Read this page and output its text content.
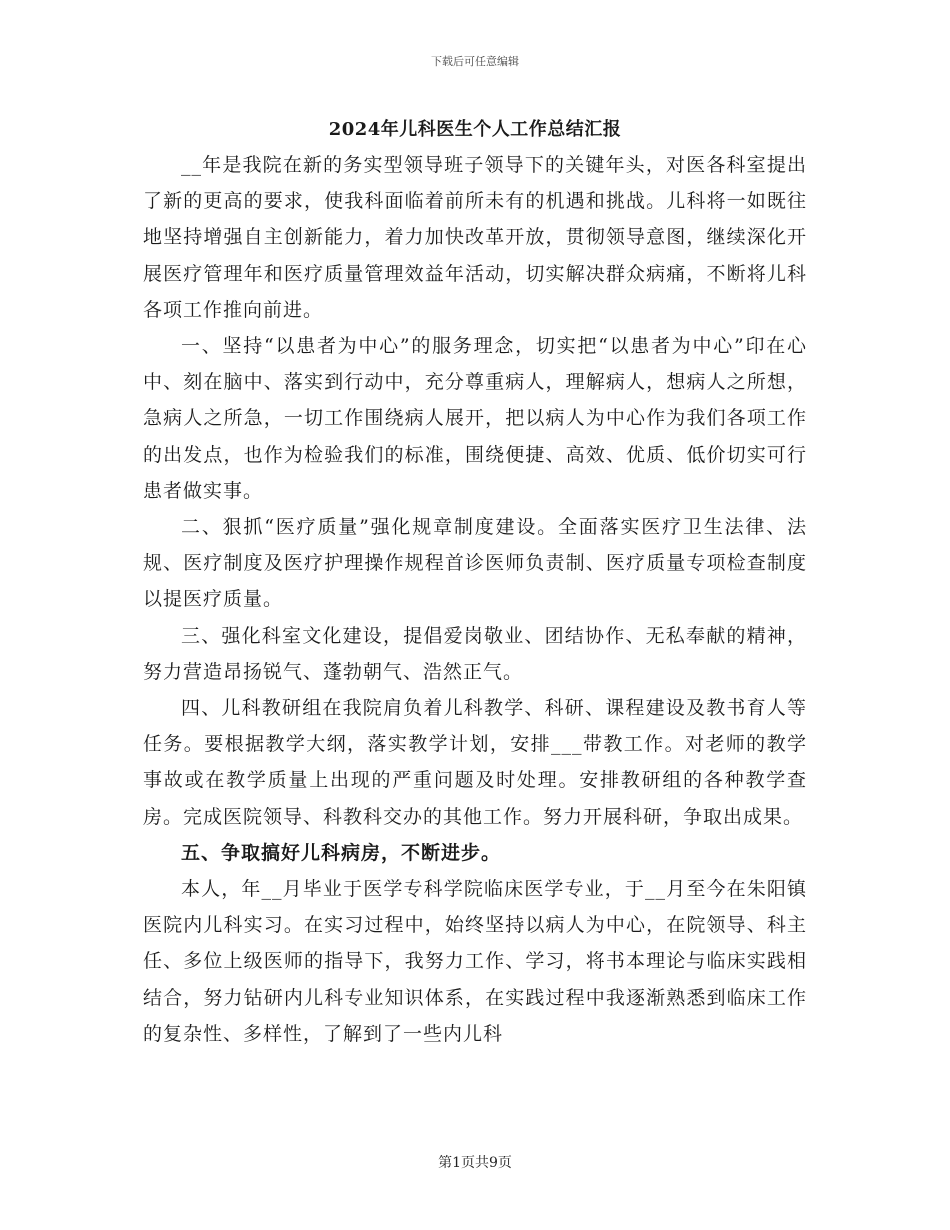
下载后可任意编辑
2024年儿科医生个人工作总结汇报

__年是我院在新的务实型领导班子领导下的关键年头，对医各科室提出了新的更高的要求，使我科面临着前所未有的机遇和挑战。儿科将一如既往地坚持增强自主创新能力，着力加快改革开放，贯彻领导意图，继续深化开展医疗管理年和医疗质量管理效益年活动，切实解决群众病痛，不断将儿科各项工作推向前进。

一、坚持“以患者为中心”的服务理念，切实把“以患者为中心”印在心中、刻在脑中、落实到行动中，充分尊重病人，理解病人，想病人之所想，急病人之所急，一切工作围绕病人展开，把以病人为中心作为我们各项工作的出发点，也作为检验我们的标准，围绕便捷、高效、优质、低价切实可行患者做实事。

二、狠抓“医疗质量”强化规章制度建设。全面落实医疗卫生法律、法规、医疗制度及医疗护理操作规程首诊医师负责制、医疗质量专项检查制度以提医疗质量。

三、强化科室文化建设，提倡爱岗敬业、团结协作、无私奉献的精神，努力营造昂扬锐气、蓬勃朝气、浩然正气。

四、儿科教研组在我院肩负着儿科教学、科研、课程建设及教书育人等任务。要根据教学大纲，落实教学计划，安排___带教工作。对老师的教学事故或在教学质量上出现的严重问题及时处理。安排教研组的各种教学查房。完成医院领导、科教科交办的其他工作。努力开展科研，争取出成果。

五、争取搞好儿科病房，不断进步。

本人，年__月毕业于医学专科学院临床医学专业，于__月至今在朱阳镇医院内儿科实习。在实习过程中，始终坚持以病人为中心，在院领导、科主任、多位上级医师的指导下，我努力工作、学习，将书本理论与临床实践相结合，努力钻研内儿科专业知识体系，在实践过程中我逐渐熟悉到临床工作的复杂性、多样性，了解到了一些内儿科

第1页共9页
